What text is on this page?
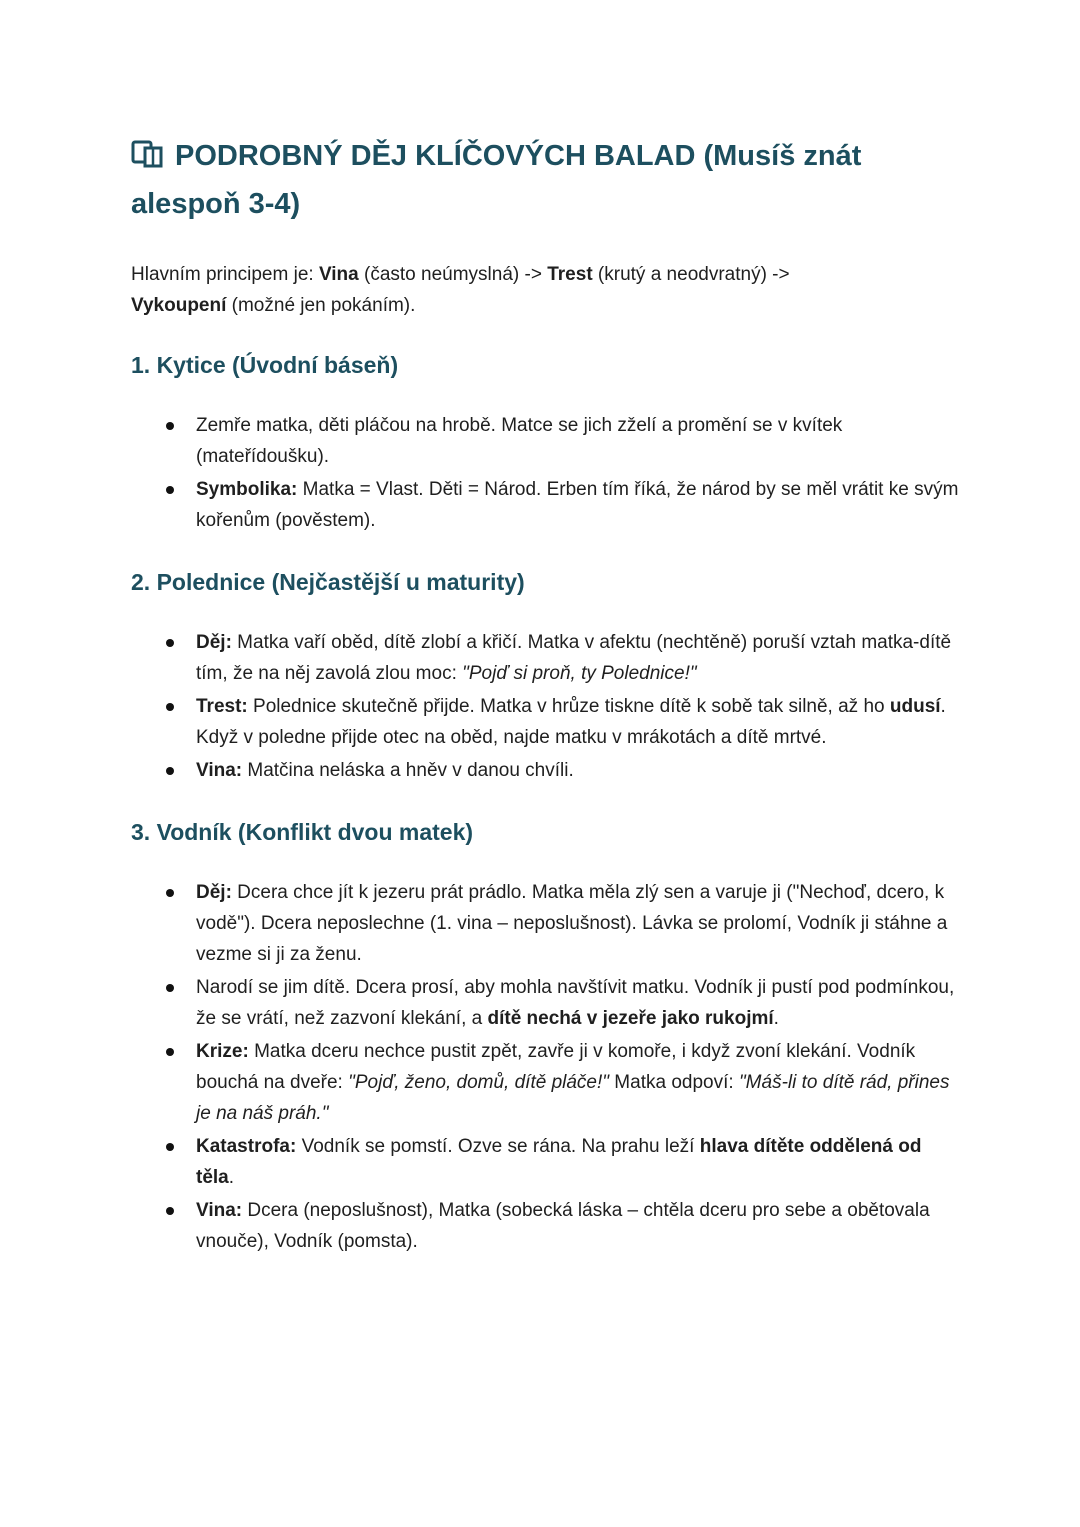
PODROBNÝ DĚJ KLÍČOVÝCH BALAD (Musíš znát
alespoň 3-4)

Hlavním principem je: Vina (často neúmyslná) -> Trest (krutý a neodvratný) ->
Vykoupení (možné jen pokáním).

1. Kytice (Úvodní báseň)
Zemře matka, děti pláčou na hrobě. Matce se jich zželí a promění se v kvítek (mateřídoušku).
Symbolika: Matka = Vlast. Děti = Národ. Erben tím říká, že národ by se měl vrátit ke svým kořenům (pověstem).
2. Polednice (Nejčastější u maturity)
Děj: Matka vaří oběd, dítě zlobí a křičí. Matka v afektu (nechtěně) poruší vztah matka-dítě tím, že na něj zavolá zlou moc: "Pojď si proň, ty Polednice!"
Trest: Polednice skutečně přijde. Matka v hrůze tiskne dítě k sobě tak silně, až ho udusí. Když v poledne přijde otec na oběd, najde matku v mrákotách a dítě mrtvé.
Vina: Matčina neláska a hněv v danou chvíli.
3. Vodník (Konflikt dvou matek)
Děj: Dcera chce jít k jezeru prát prádlo. Matka měla zlý sen a varuje ji ("Nechoď, dcero, k vodě"). Dcera neposlechne (1. vina – neposlušnost). Lávka se prolomí, Vodník ji stáhne a vezme si ji za ženu.
Narodí se jim dítě. Dcera prosí, aby mohla navštívit matku. Vodník ji pustí pod podmínkou, že se vrátí, než zazvoní klekání, a dítě nechá v jezeře jako rukojmí.
Krize: Matka dceru nechce pustit zpět, zavře ji v komoře, i když zvoní klekání. Vodník bouchá na dveře: "Pojď, ženo, domů, dítě pláče!" Matka odpoví: "Máš-li to dítě rád, přines je na náš práh."
Katastrofa: Vodník se pomstí. Ozve se rána. Na prahu leží hlava dítěte oddělená od těla.
Vina: Dcera (neposlušnost), Matka (sobecká láska – chtěla dceru pro sebe a obětovala vnouče), Vodník (pomsta).
